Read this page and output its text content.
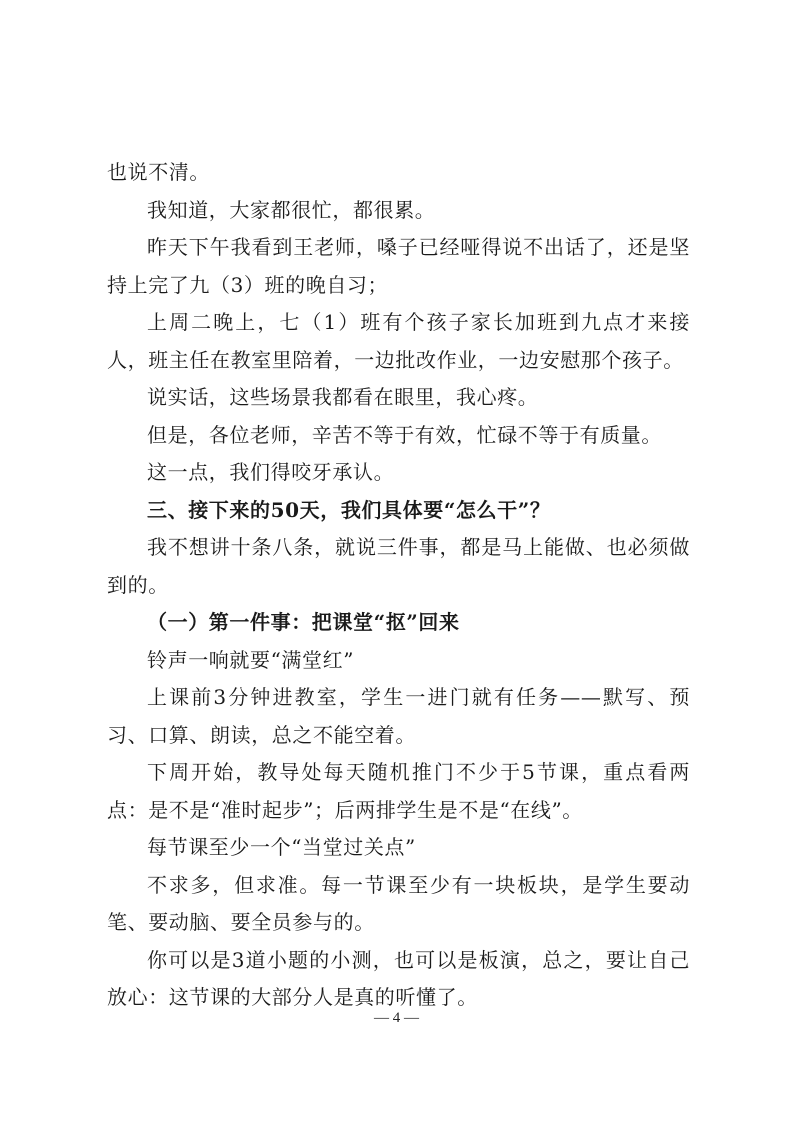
也说不清。

我知道，大家都很忙，都很累。

昨天下午我看到王老师，嗓子已经哑得说不出话了，还是坚持上完了九（3）班的晚自习；

上周二晚上，七（1）班有个孩子家长加班到九点才来接人，班主任在教室里陪着，一边批改作业，一边安慰那个孩子。

说实话，这些场景我都看在眼里，我心疼。

但是，各位老师，辛苦不等于有效，忙碌不等于有质量。

这一点，我们得咬牙承认。

三、接下来的50天，我们具体要“怎么干”？

我不想讲十条八条，就说三件事，都是马上能做、也必须做到的。

（一）第一件事：把课堂“抠”回来

铃声一响就要“满堂红”

上课前3分钟进教室，学生一进门就有任务——默写、预习、口算、朗读，总之不能空着。

下周开始，教导处每天随机推门不少于5节课，重点看两点：是不是“准时起步”；后两排学生是不是“在线”。

每节课至少一个“当堂过关点”

不求多，但求准。每一节课至少有一块板块，是学生要动笔、要动脑、要全员参与的。

你可以是3道小题的小测，也可以是板演，总之，要让自己放心：这节课的大部分人是真的听懂了。

— 4 —
